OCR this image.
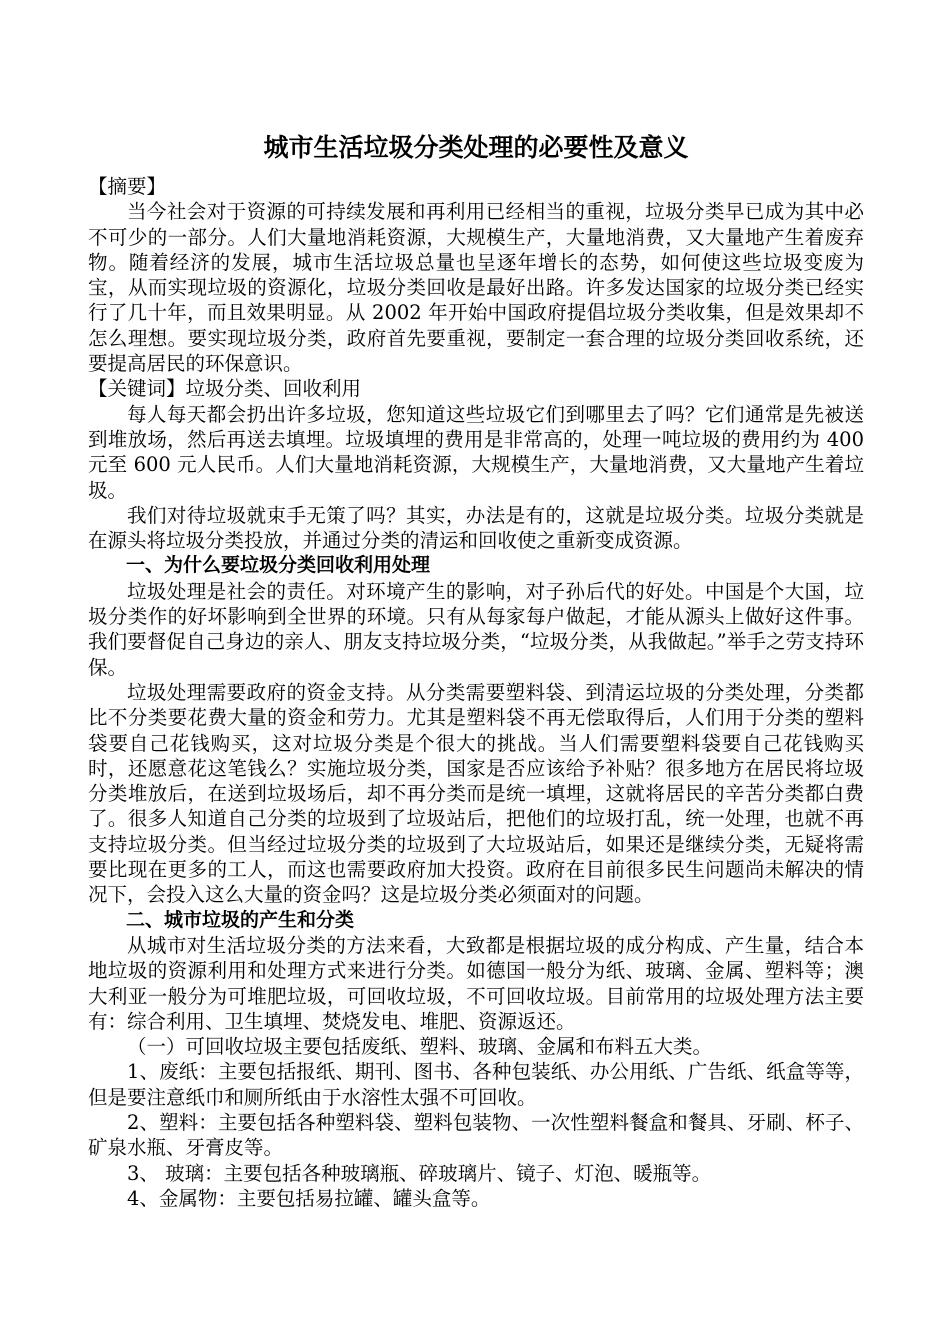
城市生活垃圾分类处理的必要性及意义
【摘要】
当今社会对于资源的可持续发展和再利用已经相当的重视，垃圾分类早已成为其中必不可少的一部分。人们大量地消耗资源，大规模生产，大量地消费，又大量地产生着废弃物。随着经济的发展，城市生活垃圾总量也呈逐年增长的态势，如何使这些垃圾变废为宝，从而实现垃圾的资源化，垃圾分类回收是最好出路。许多发达国家的垃圾分类已经实行了几十年，而且效果明显。从 2002 年开始中国政府提倡垃圾分类收集，但是效果却不怎么理想。要实现垃圾分类，政府首先要重视，要制定一套合理的垃圾分类回收系统，还要提高居民的环保意识。
【关键词】垃圾分类、回收利用
每人每天都会扔出许多垃圾，您知道这些垃圾它们到哪里去了吗？它们通常是先被送到堆放场，然后再送去填埋。垃圾填埋的费用是非常高的，处理一吨垃圾的费用约为 400 元至 600 元人民币。人们大量地消耗资源，大规模生产，大量地消费，又大量地产生着垃圾。
我们对待垃圾就束手无策了吗？其实，办法是有的，这就是垃圾分类。垃圾分类就是在源头将垃圾分类投放，并通过分类的清运和回收使之重新变成资源。
一、为什么要垃圾分类回收利用处理
垃圾处理是社会的责任。对环境产生的影响，对子孙后代的好处。中国是个大国，垃圾分类作的好坏影响到全世界的环境。只有从每家每户做起，才能从源头上做好这件事。我们要督促自己身边的亲人、朋友支持垃圾分类，“垃圾分类，从我做起。”举手之劳支持环保。
垃圾处理需要政府的资金支持。从分类需要塑料袋、到清运垃圾的分类处理，分类都比不分类要花费大量的资金和劳力。尤其是塑料袋不再无偿取得后，人们用于分类的塑料袋要自己花钱购买，这对垃圾分类是个很大的挑战。当人们需要塑料袋要自己花钱购买时，还愿意花这笔钱么？实施垃圾分类，国家是否应该给予补贴？很多地方在居民将垃圾分类堆放后，在送到垃圾场后，却不再分类而是统一填埋，这就将居民的辛苦分类都白费了。很多人知道自己分类的垃圾到了垃圾站后，把他们的垃圾打乱，统一处理，也就不再支持垃圾分类。但当经过垃圾分类的垃圾到了大垃圾站后，如果还是继续分类，无疑将需要比现在更多的工人，而这也需要政府加大投资。政府在目前很多民生问题尚未解决的情况下，会投入这么大量的资金吗？这是垃圾分类必须面对的问题。
二、城市垃圾的产生和分类
从城市对生活垃圾分类的方法来看，大致都是根据垃圾的成分构成、产生量，结合本地垃圾的资源利用和处理方式来进行分类。如德国一般分为纸、玻璃、金属、塑料等；澳大利亚一般分为可堆肥垃圾，可回收垃圾，不可回收垃圾。目前常用的垃圾处理方法主要有：综合利用、卫生填埋、焚烧发电、堆肥、资源返还。
（一）可回收垃圾主要包括废纸、塑料、玻璃、金属和布料五大类。
1、废纸：主要包括报纸、期刊、图书、各种包装纸、办公用纸、广告纸、纸盒等等，但是要注意纸巾和厕所纸由于水溶性太强不可回收。
2、塑料：主要包括各种塑料袋、塑料包装物、一次性塑料餐盒和餐具、牙刷、杯子、矿泉水瓶、牙膏皮等。
3、 玻璃：主要包括各种玻璃瓶、碎玻璃片、镜子、灯泡、暖瓶等。
4、金属物：主要包括易拉罐、罐头盒等。
